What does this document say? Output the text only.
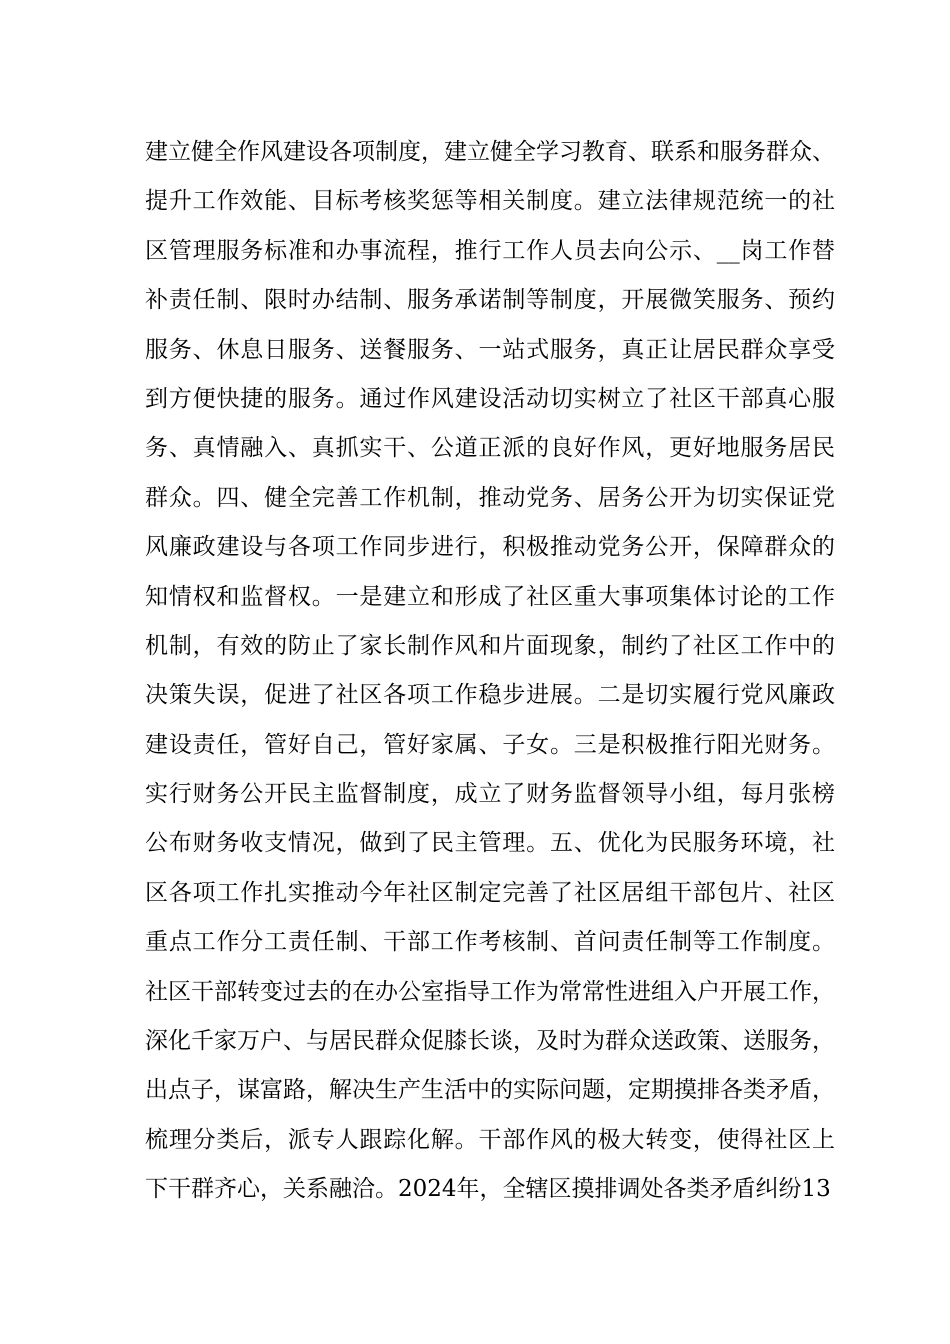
建立健全作风建设各项制度，建立健全学习教育、联系和服务群众、
提升工作效能、目标考核奖惩等相关制度。建立法律规范统一的社
区管理服务标准和办事流程，推行工作人员去向公示、__岗工作替
补责任制、限时办结制、服务承诺制等制度，开展微笑服务、预约
服务、休息日服务、送餐服务、一站式服务，真正让居民群众享受
到方便快捷的服务。通过作风建设活动切实树立了社区干部真心服
务、真情融入、真抓实干、公道正派的良好作风，更好地服务居民
群众。四、健全完善工作机制，推动党务、居务公开为切实保证党
风廉政建设与各项工作同步进行，积极推动党务公开，保障群众的
知情权和监督权。一是建立和形成了社区重大事项集体讨论的工作
机制，有效的防止了家长制作风和片面现象，制约了社区工作中的
决策失误，促进了社区各项工作稳步进展。二是切实履行党风廉政
建设责任，管好自己，管好家属、子女。三是积极推行阳光财务。
实行财务公开民主监督制度，成立了财务监督领导小组，每月张榜
公布财务收支情况，做到了民主管理。五、优化为民服务环境，社
区各项工作扎实推动今年社区制定完善了社区居组干部包片、社区
重点工作分工责任制、干部工作考核制、首问责任制等工作制度。
社区干部转变过去的在办公室指导工作为常常性进组入户开展工作，
深化千家万户、与居民群众促膝长谈，及时为群众送政策、送服务，
出点子，谋富路，解决生产生活中的实际问题，定期摸排各类矛盾，
梳理分类后，派专人跟踪化解。干部作风的极大转变，使得社区上
下干群齐心，关系融洽。2024年，全辖区摸排调处各类矛盾纠纷13
